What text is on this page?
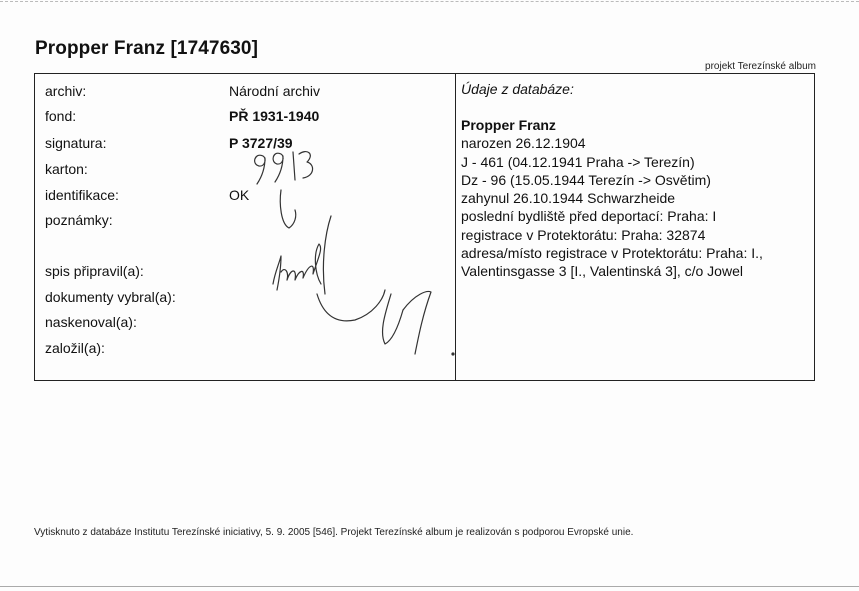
Propper Franz [1747630]
projekt Terezínské album
archiv:
fond:
signatura:
karton:
identifikace:
poznámky:
spis připravil(a):
dokumenty vybral(a):
naskenoval(a):
založil(a):
Národní archiv
PŘ 1931-1940
P 3727/39
OK
Údaje z databáze:
Propper Franz
narozen 26.12.1904
J - 461 (04.12.1941 Praha -> Terezín)
Dz - 96 (15.05.1944 Terezín -> Osvětim)
zahynul 26.10.1944 Schwarzheide
poslední bydliště před deportací: Praha: I
registrace v Protektorátu: Praha: 32874
adresa/místo registrace v Protektorátu: Praha: I.,
Valentinsgasse 3 [I., Valentinská 3], c/o Jowel
Vytisknuto z databáze Institutu Terezínské iniciativy, 5. 9. 2005 [546]. Projekt Terezínské album je realizován s podporou Evropské unie.
